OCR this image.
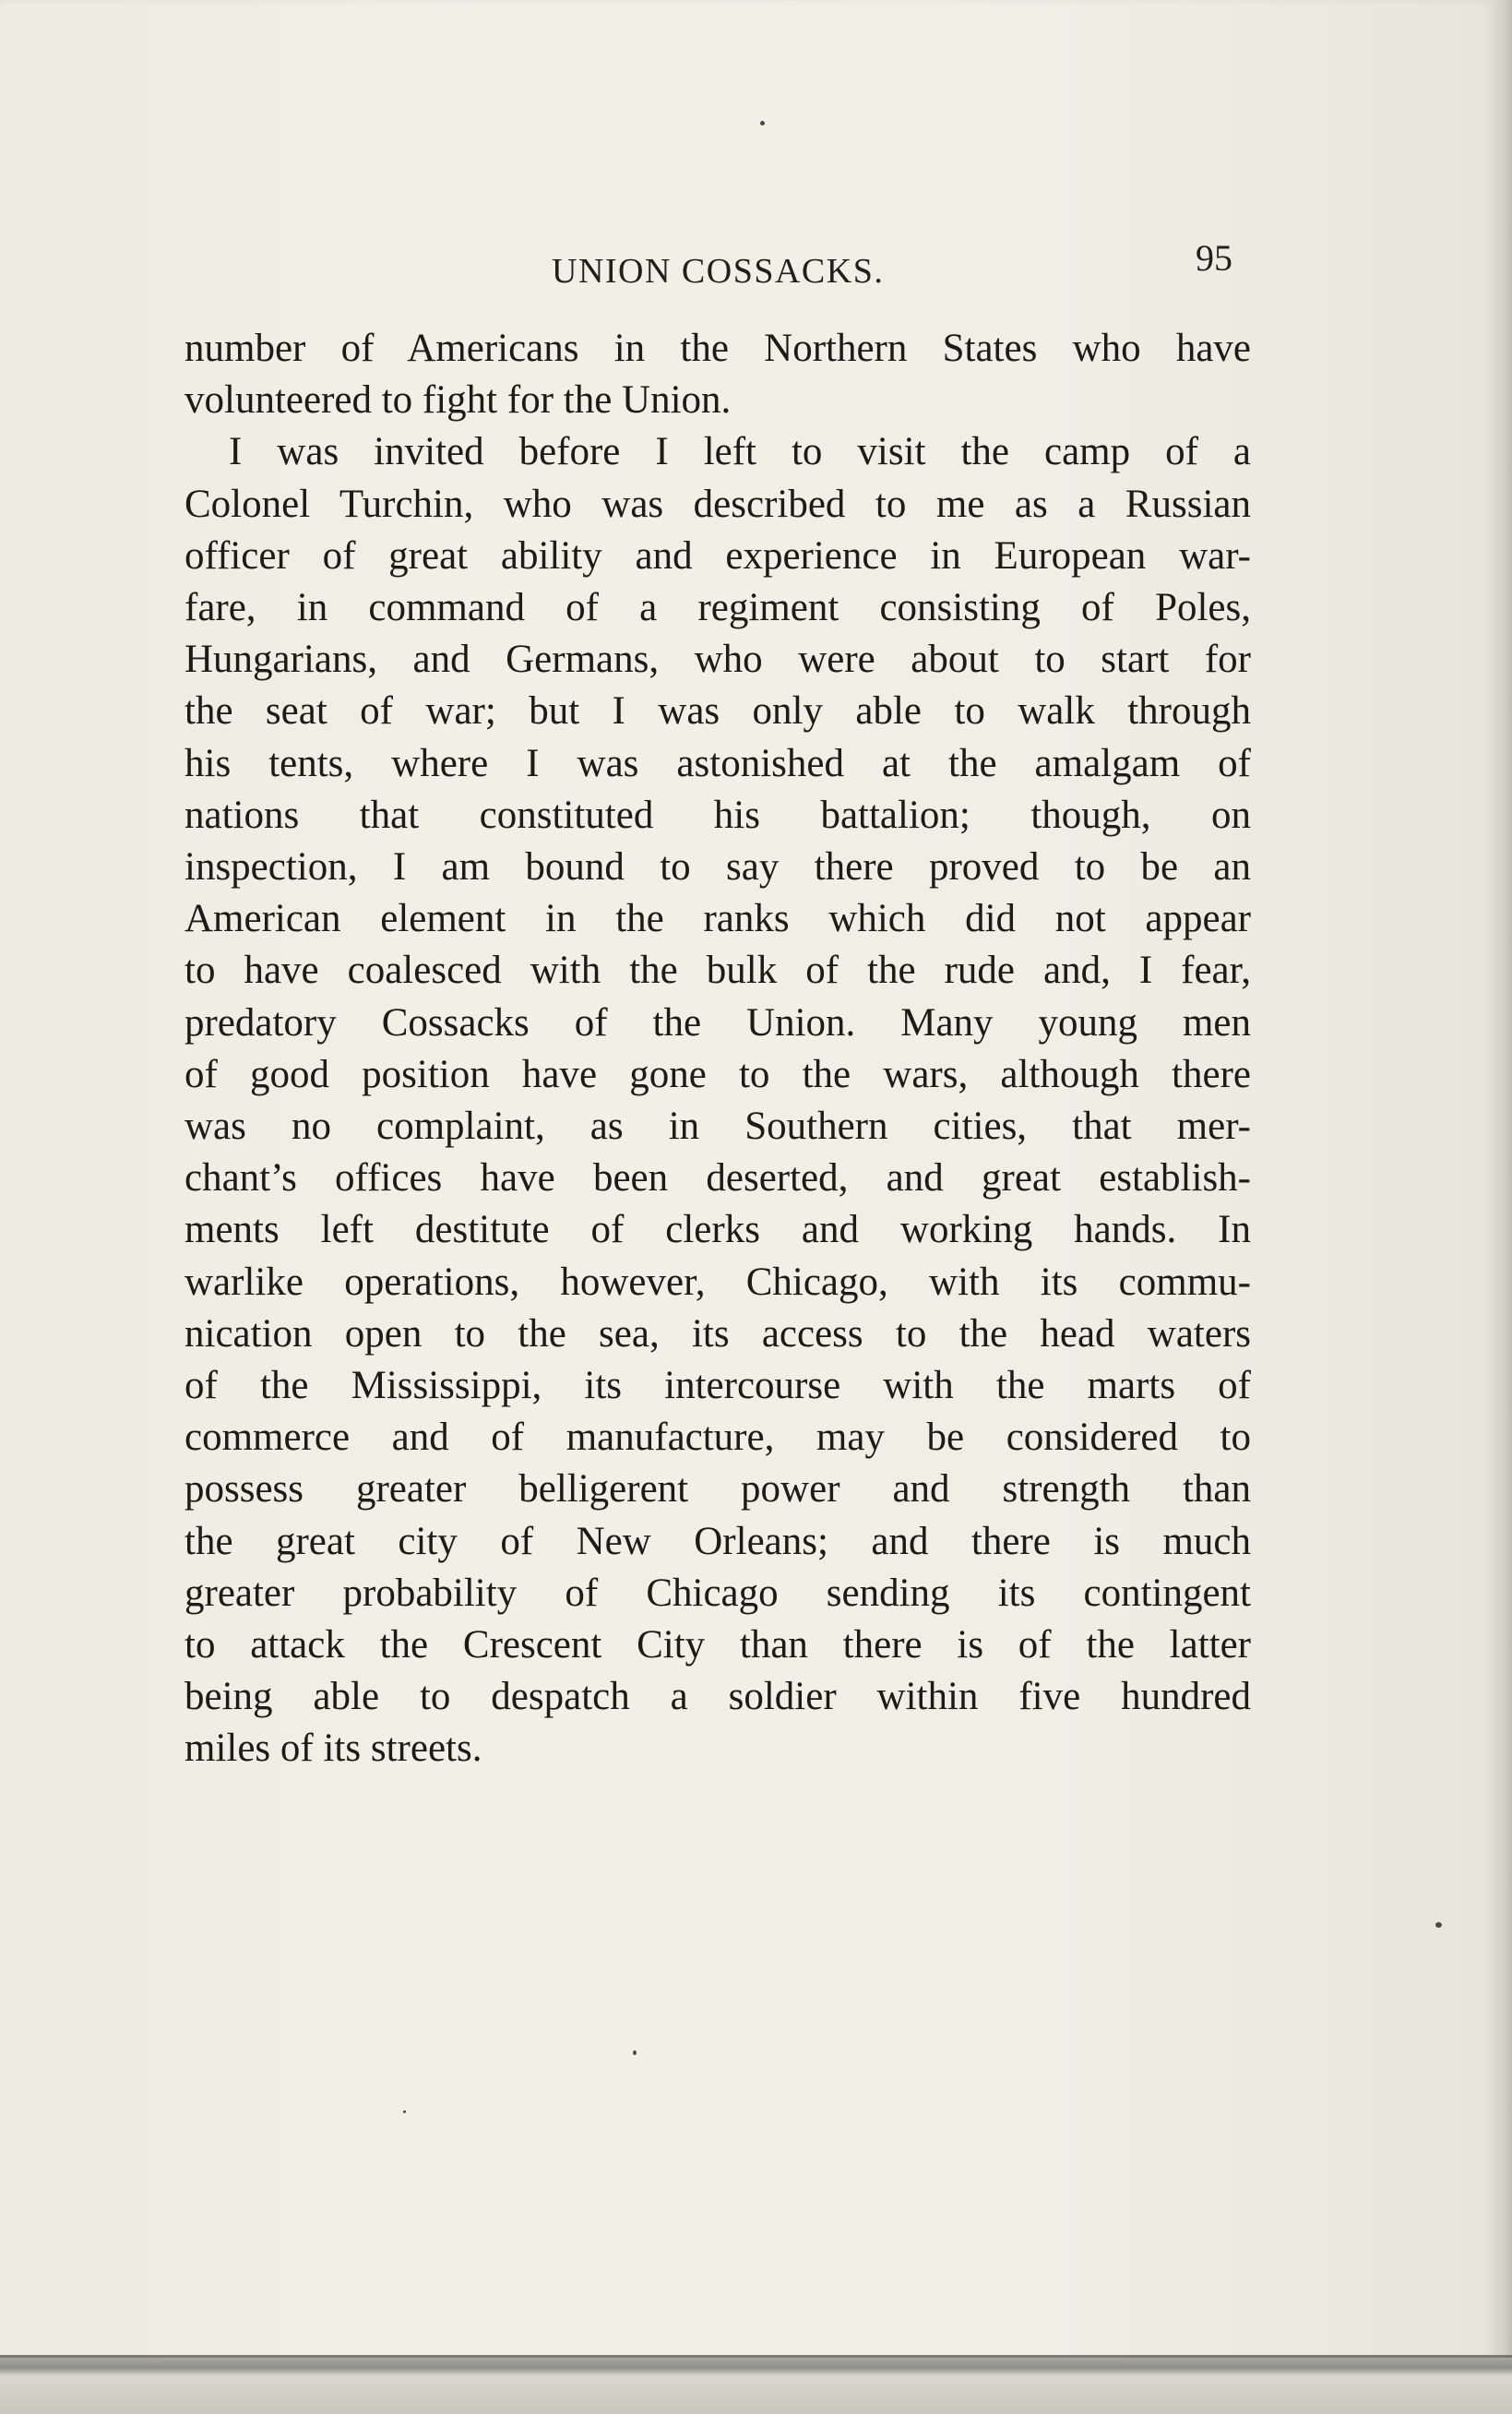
UNION COSSACKS.	95
number of Americans in the Northern States who have
volunteered to fight for the Union.
I was invited before I left to visit the camp of a
Colonel Turchin, who was described to me as a Russian
officer of great ability and experience in European war-
fare, in command of a regiment consisting of Poles,
Hungarians, and Germans, who were about to start for
the seat of war; but I was only able to walk through
his tents, where I was astonished at the amalgam of
nations that constituted his battalion; though, on
inspection, I am bound to say there proved to be an
American element in the ranks which did not appear
to have coalesced with the bulk of the rude and, I fear,
predatory Cossacks of the Union. Many young men
of good position have gone to the wars, although there
was no complaint, as in Southern cities, that mer-
chant’s offices have been deserted, and great establish-
ments left destitute of clerks and working hands. In
warlike operations, however, Chicago, with its commu-
nication open to the sea, its access to the head waters
of the Mississippi, its intercourse with the marts of
commerce and of manufacture, may be considered to
possess greater belligerent power and strength than
the great city of New Orleans; and there is much
greater probability of Chicago sending its contingent
to attack the Crescent City than there is of the latter
being able to despatch a soldier within five hundred
miles of its streets.
